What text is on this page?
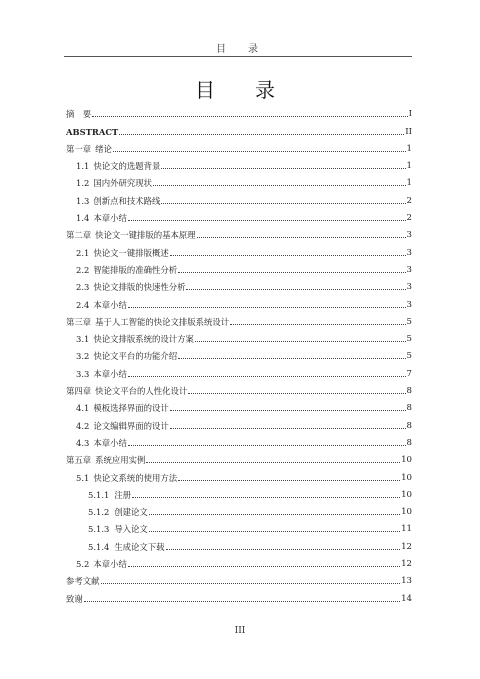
目　录
目　录
摘　要	I
ABSTRACT	II
第一章 绪论	1
1.1 快论文的选题背景	1
1.2 国内外研究现状	1
1.3 创新点和技术路线	2
1.4 本章小结	2
第二章 快论文一键排版的基本原理	3
2.1 快论文一键排版概述	3
2.2 智能排版的准确性分析	3
2.3 快论文排版的快速性分析	3
2.4 本章小结	3
第三章 基于人工智能的快论文排版系统设计	5
3.1 快论文排版系统的设计方案	5
3.2 快论文平台的功能介绍	5
3.3 本章小结	7
第四章 快论文平台的人性化设计	8
4.1 模板选择界面的设计	8
4.2 论文编辑界面的设计	8
4.3 本章小结	8
第五章 系统应用实例	10
5.1 快论文系统的使用方法	10
5.1.1 注册	10
5.1.2 创建论文	10
5.1.3 导入论文	11
5.1.4 生成论文下载	12
5.2 本章小结	12
参考文献	13
致谢	14
III
